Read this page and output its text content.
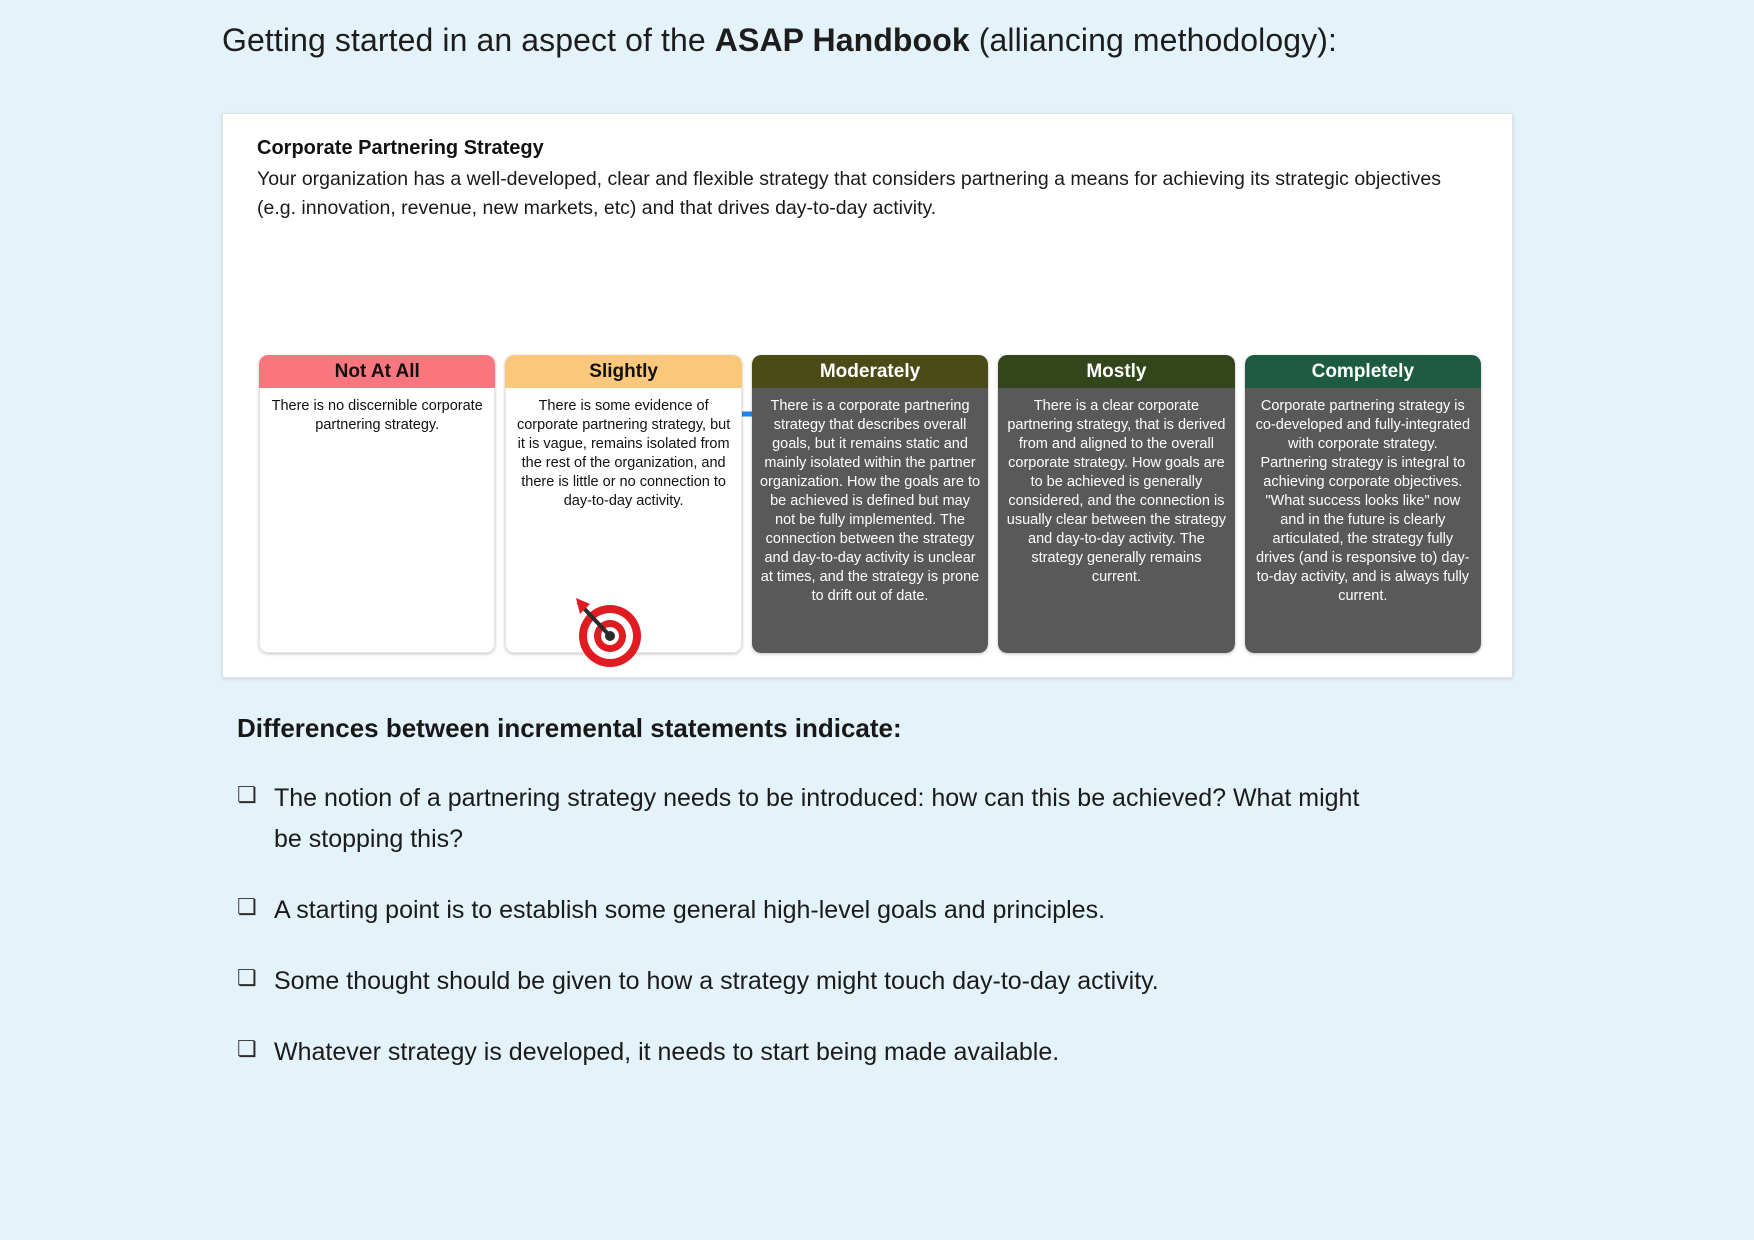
Getting started in an aspect of the ASAP Handbook (alliancing methodology):
Corporate Partnering Strategy
Your organization has a well-developed, clear and flexible strategy that considers partnering a means for achieving its strategic objectives (e.g. innovation, revenue, new markets, etc) and that drives day-to-day activity.
Not At All
There is no discernible corporate partnering strategy.
Slightly
There is some evidence of corporate partnering strategy, but it is vague, remains isolated from the rest of the organization, and there is little or no connection to day-to-day activity.
Moderately
There is a corporate partnering strategy that describes overall goals, but it remains static and mainly isolated within the partner organization. How the goals are to be achieved is defined but may not be fully implemented. The connection between the strategy and day-to-day activity is unclear at times, and the strategy is prone to drift out of date.
Mostly
There is a clear corporate partnering strategy, that is derived from and aligned to the overall corporate strategy. How goals are to be achieved is generally considered, and the connection is usually clear between the strategy and day-to-day activity. The strategy generally remains current.
Completely
Corporate partnering strategy is co-developed and fully-integrated with corporate strategy. Partnering strategy is integral to achieving corporate objectives. "What success looks like" now and in the future is clearly articulated, the strategy fully drives (and is responsive to) day-to-day activity, and is always fully current.
Differences between incremental statements indicate:
❏ The notion of a partnering strategy needs to be introduced: how can this be achieved? What might be stopping this?
❏ A starting point is to establish some general high-level goals and principles.
❏ Some thought should be given to how a strategy might touch day-to-day activity.
❏ Whatever strategy is developed, it needs to start being made available.
